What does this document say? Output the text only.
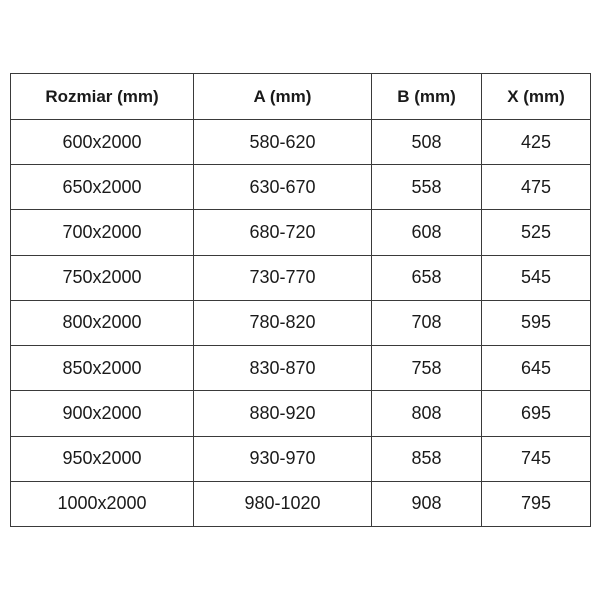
Rozmiar (mm)	A (mm)	B (mm)	X (mm)
600x2000	580-620	508	425
650x2000	630-670	558	475
700x2000	680-720	608	525
750x2000	730-770	658	545
800x2000	780-820	708	595
850x2000	830-870	758	645
900x2000	880-920	808	695
950x2000	930-970	858	745
1000x2000	980-1020	908	795
